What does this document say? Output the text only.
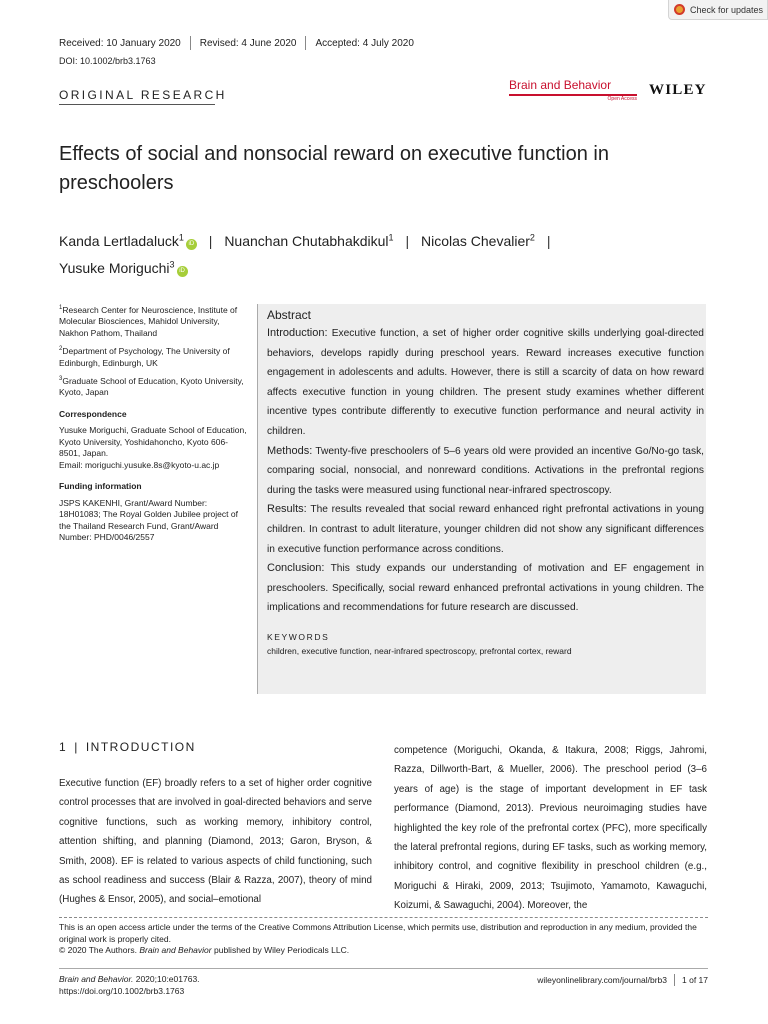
Check for updates
Received: 10 January 2020 Revised: 4 June 2020 Accepted: 4 July 2020
DOI: 10.1002/brb3.1763
ORIGINAL RESEARCH
Brain and Behavior
Open Access
WILEY
Effects of social and nonsocial reward on executive function in preschoolers
Kanda Lertladaluck$^1$iD | Nuanchan Chutabhakdikul$^1$ | Nicolas Chevalier$^2$ |
Yusuke Moriguchi$^3$iD

$^1$Research Center for Neuroscience, Institute of Molecular Biosciences, Mahidol University, Nakhon Pathom, Thailand

$^2$Department of Psychology, The University of Edinburgh, Edinburgh, UK

$^3$Graduate School of Education, Kyoto University, Kyoto, Japan

Correspondence

Yusuke Moriguchi, Graduate School of Education, Kyoto University, Yoshidahoncho, Kyoto 606-8501, Japan.

Email: moriguchi.yusuke.8s@kyoto-u.ac.jp

Funding information

JSPS KAKENHI, Grant/Award Number: 18H01083; The Royal Golden Jubilee project of the Thailand Research Fund, Grant/Award Number: PHD/0046/2557

Abstract

Introduction: Executive function, a set of higher order cognitive skills underlying goal-directed behaviors, develops rapidly during preschool years. Reward increases executive function engagement in adolescents and adults. However, there is still a scarcity of data on how reward affects executive function in young children. The present study examines whether different incentive types contribute differently to executive function performance and neural activity in children.

Methods: Twenty-five preschoolers of 5–6 years old were provided an incentive Go/No-go task, comparing social, nonsocial, and nonreward conditions. Activations in the prefrontal regions during the tasks were measured using functional near-infrared spectroscopy.

Results: The results revealed that social reward enhanced right prefrontal activations in young children. In contrast to adult literature, younger children did not show any significant differences in executive function performance across conditions.

Conclusion: This study expands our understanding of motivation and EF engagement in preschoolers. Specifically, social reward enhanced prefrontal activations in young children. The implications and recommendations for future research are discussed.

KEYWORDS
children, executive function, near-infrared spectroscopy, prefrontal cortex, reward
1 | INTRODUCTION

Executive function (EF) broadly refers to a set of higher order cognitive control processes that are involved in goal-directed behaviors and serve cognitive functions, such as working memory, inhibitory control, attention shifting, and planning (Diamond, 2013; Garon, Bryson, & Smith, 2008). EF is related to various aspects of child functioning, such as school readiness and success (Blair & Razza, 2007), theory of mind (Hughes & Ensor, 2005), and social–emotional

competence (Moriguchi, Okanda, & Itakura, 2008; Riggs, Jahromi, Razza, Dillworth-Bart, & Mueller, 2006). The preschool period (3–6 years of age) is the stage of important development in EF task performance (Diamond, 2013). Previous neuroimaging studies have highlighted the key role of the prefrontal cortex (PFC), more specifically the lateral prefrontal regions, during EF tasks, such as working memory, inhibitory control, and cognitive flexibility in preschool children (e.g., Moriguchi & Hiraki, 2009, 2013; Tsujimoto, Yamamoto, Kawaguchi, Koizumi, & Sawaguchi, 2004). Moreover, the

This is an open access article under the terms of the Creative Commons Attribution License, which permits use, distribution and reproduction in any medium, provided the original work is properly cited.

© 2020 The Authors. Brain and Behavior published by Wiley Periodicals LLC.

Brain and Behavior. 2020;10:e01763.
https://doi.org/10.1002/brb3.1763
wileyonlinelibrary.com/journal/brb3 1 of 17
